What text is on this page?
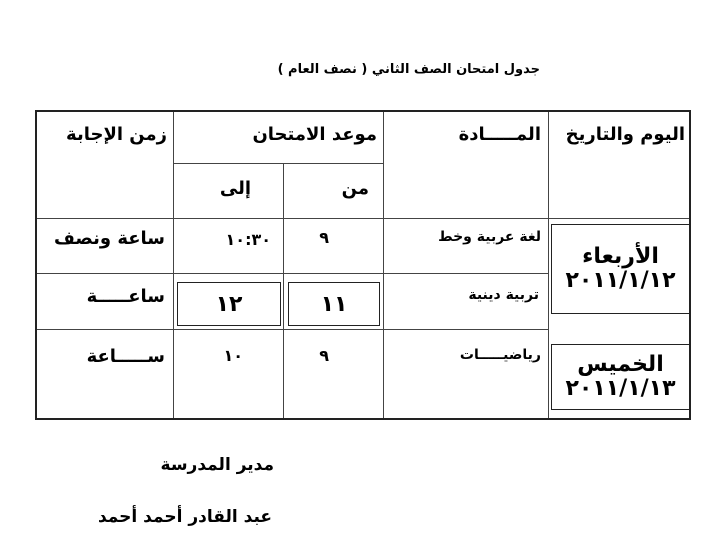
جدول امتحان الصف الثاني ( نصف العام )
اليوم والتاريخ
المـــــادة
موعد الامتحان
من
إلى
زمن الإجابة
لغة عربية وخط
٩
١٠:٣٠
ساعة ونصف
تربية دينية
١١
١٢
ساعـــــة
رياضيـــــات
٩
١٠
ســـــاعة
الأربعاء
٢٠١١/١/١٢
الخميس
٢٠١١/١/١٣
مدير المدرسة
عبد القادر أحمد أحمد
